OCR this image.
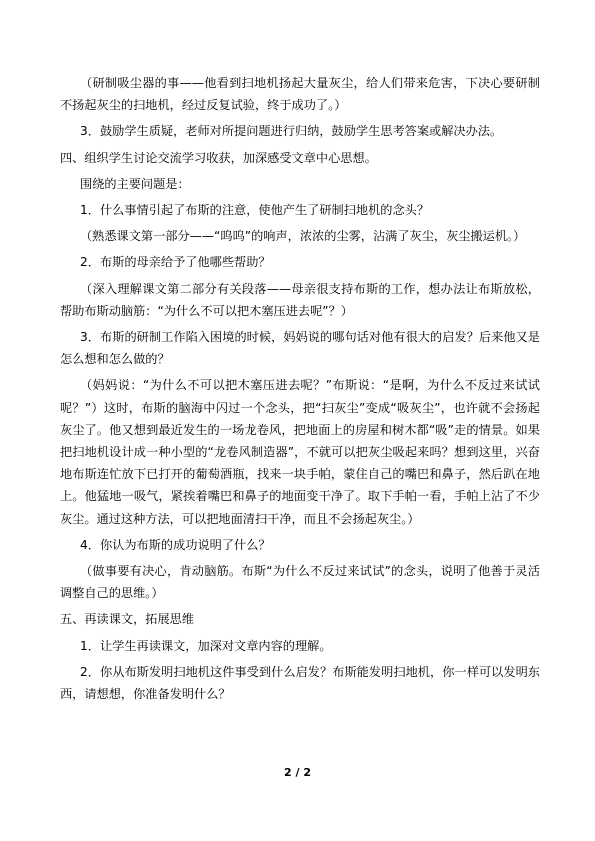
（研制吸尘器的事——他看到扫地机扬起大量灰尘，给人们带来危害，下决心要研制不扬起灰尘的扫地机，经过反复试验，终于成功了。）

3．鼓励学生质疑，老师对所提问题进行归纳，鼓励学生思考答案或解决办法。

四、组织学生讨论交流学习收获，加深感受文章中心思想。

围绕的主要问题是：

1．什么事情引起了布斯的注意，使他产生了研制扫地机的念头？

（熟悉课文第一部分——“呜呜”的响声，浓浓的尘雾，沾满了灰尘，灰尘搬运机。）

2．布斯的母亲给予了他哪些帮助？

（深入理解课文第二部分有关段落——母亲很支持布斯的工作，想办法让布斯放松，帮助布斯动脑筋：“为什么不可以把木塞压进去呢”？）

3．布斯的研制工作陷入困境的时候，妈妈说的哪句话对他有很大的启发？后来他又是怎么想和怎么做的？

（妈妈说：“为什么不可以把木塞压进去呢？”布斯说：“是啊，为什么不反过来试试呢？”）这时，布斯的脑海中闪过一个念头，把“扫灰尘”变成“吸灰尘”，也许就不会扬起灰尘了。他又想到最近发生的一场龙卷风，把地面上的房屋和树木都“吸”走的情景。如果把扫地机设计成一种小型的“龙卷风制造器”，不就可以把灰尘吸起来吗？想到这里，兴奋地布斯连忙放下已打开的葡萄酒瓶，找来一块手帕，蒙住自己的嘴巴和鼻子，然后趴在地上。他猛地一吸气，紧挨着嘴巴和鼻子的地面变干净了。取下手帕一看，手帕上沾了不少灰尘。通过这种方法，可以把地面清扫干净，而且不会扬起灰尘。）

4．你认为布斯的成功说明了什么？

（做事要有决心，肯动脑筋。布斯“为什么不反过来试试”的念头，说明了他善于灵活调整自己的思维。）

五、再读课文，拓展思维

1．让学生再读课文，加深对文章内容的理解。

2．你从布斯发明扫地机这件事受到什么启发？布斯能发明扫地机，你一样可以发明东西，请想想，你准备发明什么？

2 / 2
